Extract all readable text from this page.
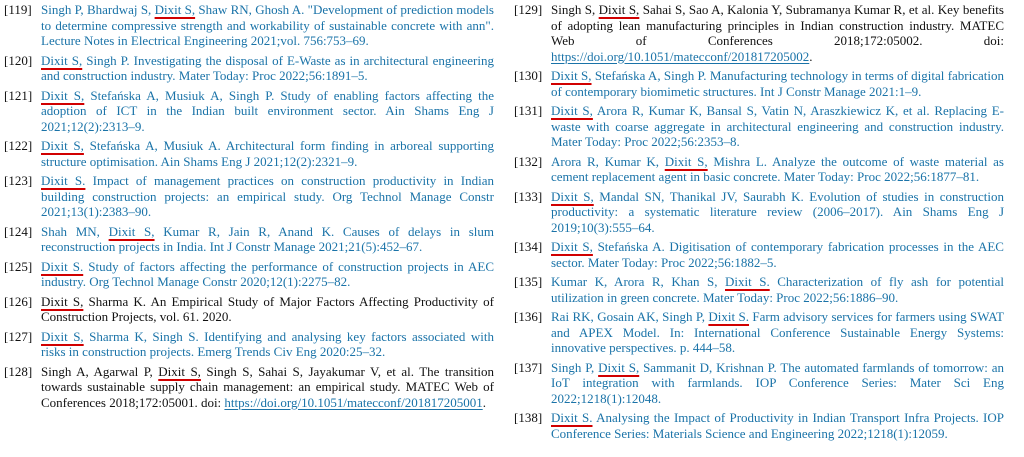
[119] Singh P, Bhardwaj S, Dixit S, Shaw RN, Ghosh A. "Development of prediction models to determine compressive strength and workability of sustainable concrete with ann". Lecture Notes in Electrical Engineering 2021;vol. 756:753–69.
[120] Dixit S, Singh P. Investigating the disposal of E-Waste as in architectural engineering and construction industry. Mater Today: Proc 2022;56:1891–5.
[121] Dixit S, Stefańska A, Musiuk A, Singh P. Study of enabling factors affecting the adoption of ICT in the Indian built environment sector. Ain Shams Eng J 2021;12(2):2313–9.
[122] Dixit S, Stefańska A, Musiuk A. Architectural form finding in arboreal supporting structure optimisation. Ain Shams Eng J 2021;12(2):2321–9.
[123] Dixit S. Impact of management practices on construction productivity in Indian building construction projects: an empirical study. Org Technol Manage Constr 2021;13(1):2383–90.
[124] Shah MN, Dixit S, Kumar R, Jain R, Anand K. Causes of delays in slum reconstruction projects in India. Int J Constr Manage 2021;21(5):452–67.
[125] Dixit S. Study of factors affecting the performance of construction projects in AEC industry. Org Technol Manage Constr 2020;12(1):2275–82.
[126] Dixit S, Sharma K. An Empirical Study of Major Factors Affecting Productivity of Construction Projects, vol. 61. 2020.
[127] Dixit S, Sharma K, Singh S. Identifying and analysing key factors associated with risks in construction projects. Emerg Trends Civ Eng 2020:25–32.
[128] Singh A, Agarwal P, Dixit S, Singh S, Sahai S, Jayakumar V, et al. The transition towards sustainable supply chain management: an empirical study. MATEC Web of Conferences 2018;172:05001. doi: https://doi.org/10.1051/matecconf/201817205001.
[129] Singh S, Dixit S, Sahai S, Sao A, Kalonia Y, Subramanya Kumar R, et al. Key benefits of adopting lean manufacturing principles in Indian construction industry. MATEC Web of Conferences 2018;172:05002. doi: https://doi.org/10.1051/matecconf/201817205002.
[130] Dixit S, Stefańska A, Singh P. Manufacturing technology in terms of digital fabrication of contemporary biomimetic structures. Int J Constr Manage 2021:1–9.
[131] Dixit S, Arora R, Kumar K, Bansal S, Vatin N, Araszkiewicz K, et al. Replacing E-waste with coarse aggregate in architectural engineering and construction industry. Mater Today: Proc 2022;56:2353–8.
[132] Arora R, Kumar K, Dixit S, Mishra L. Analyze the outcome of waste material as cement replacement agent in basic concrete. Mater Today: Proc 2022;56:1877–81.
[133] Dixit S, Mandal SN, Thanikal JV, Saurabh K. Evolution of studies in construction productivity: a systematic literature review (2006–2017). Ain Shams Eng J 2019;10(3):555–64.
[134] Dixit S, Stefańska A. Digitisation of contemporary fabrication processes in the AEC sector. Mater Today: Proc 2022;56:1882–5.
[135] Kumar K, Arora R, Khan S, Dixit S. Characterization of fly ash for potential utilization in green concrete. Mater Today: Proc 2022;56:1886–90.
[136] Rai RK, Gosain AK, Singh P, Dixit S. Farm advisory services for farmers using SWAT and APEX Model. In: International Conference Sustainable Energy Systems: innovative perspectives. p. 444–58.
[137] Singh P, Dixit S, Sammanit D, Krishnan P. The automated farmlands of tomorrow: an IoT integration with farmlands. IOP Conference Series: Mater Sci Eng 2022;1218(1):12048.
[138] Dixit S. Analysing the Impact of Productivity in Indian Transport Infra Projects. IOP Conference Series: Materials Science and Engineering 2022;1218(1):12059.
